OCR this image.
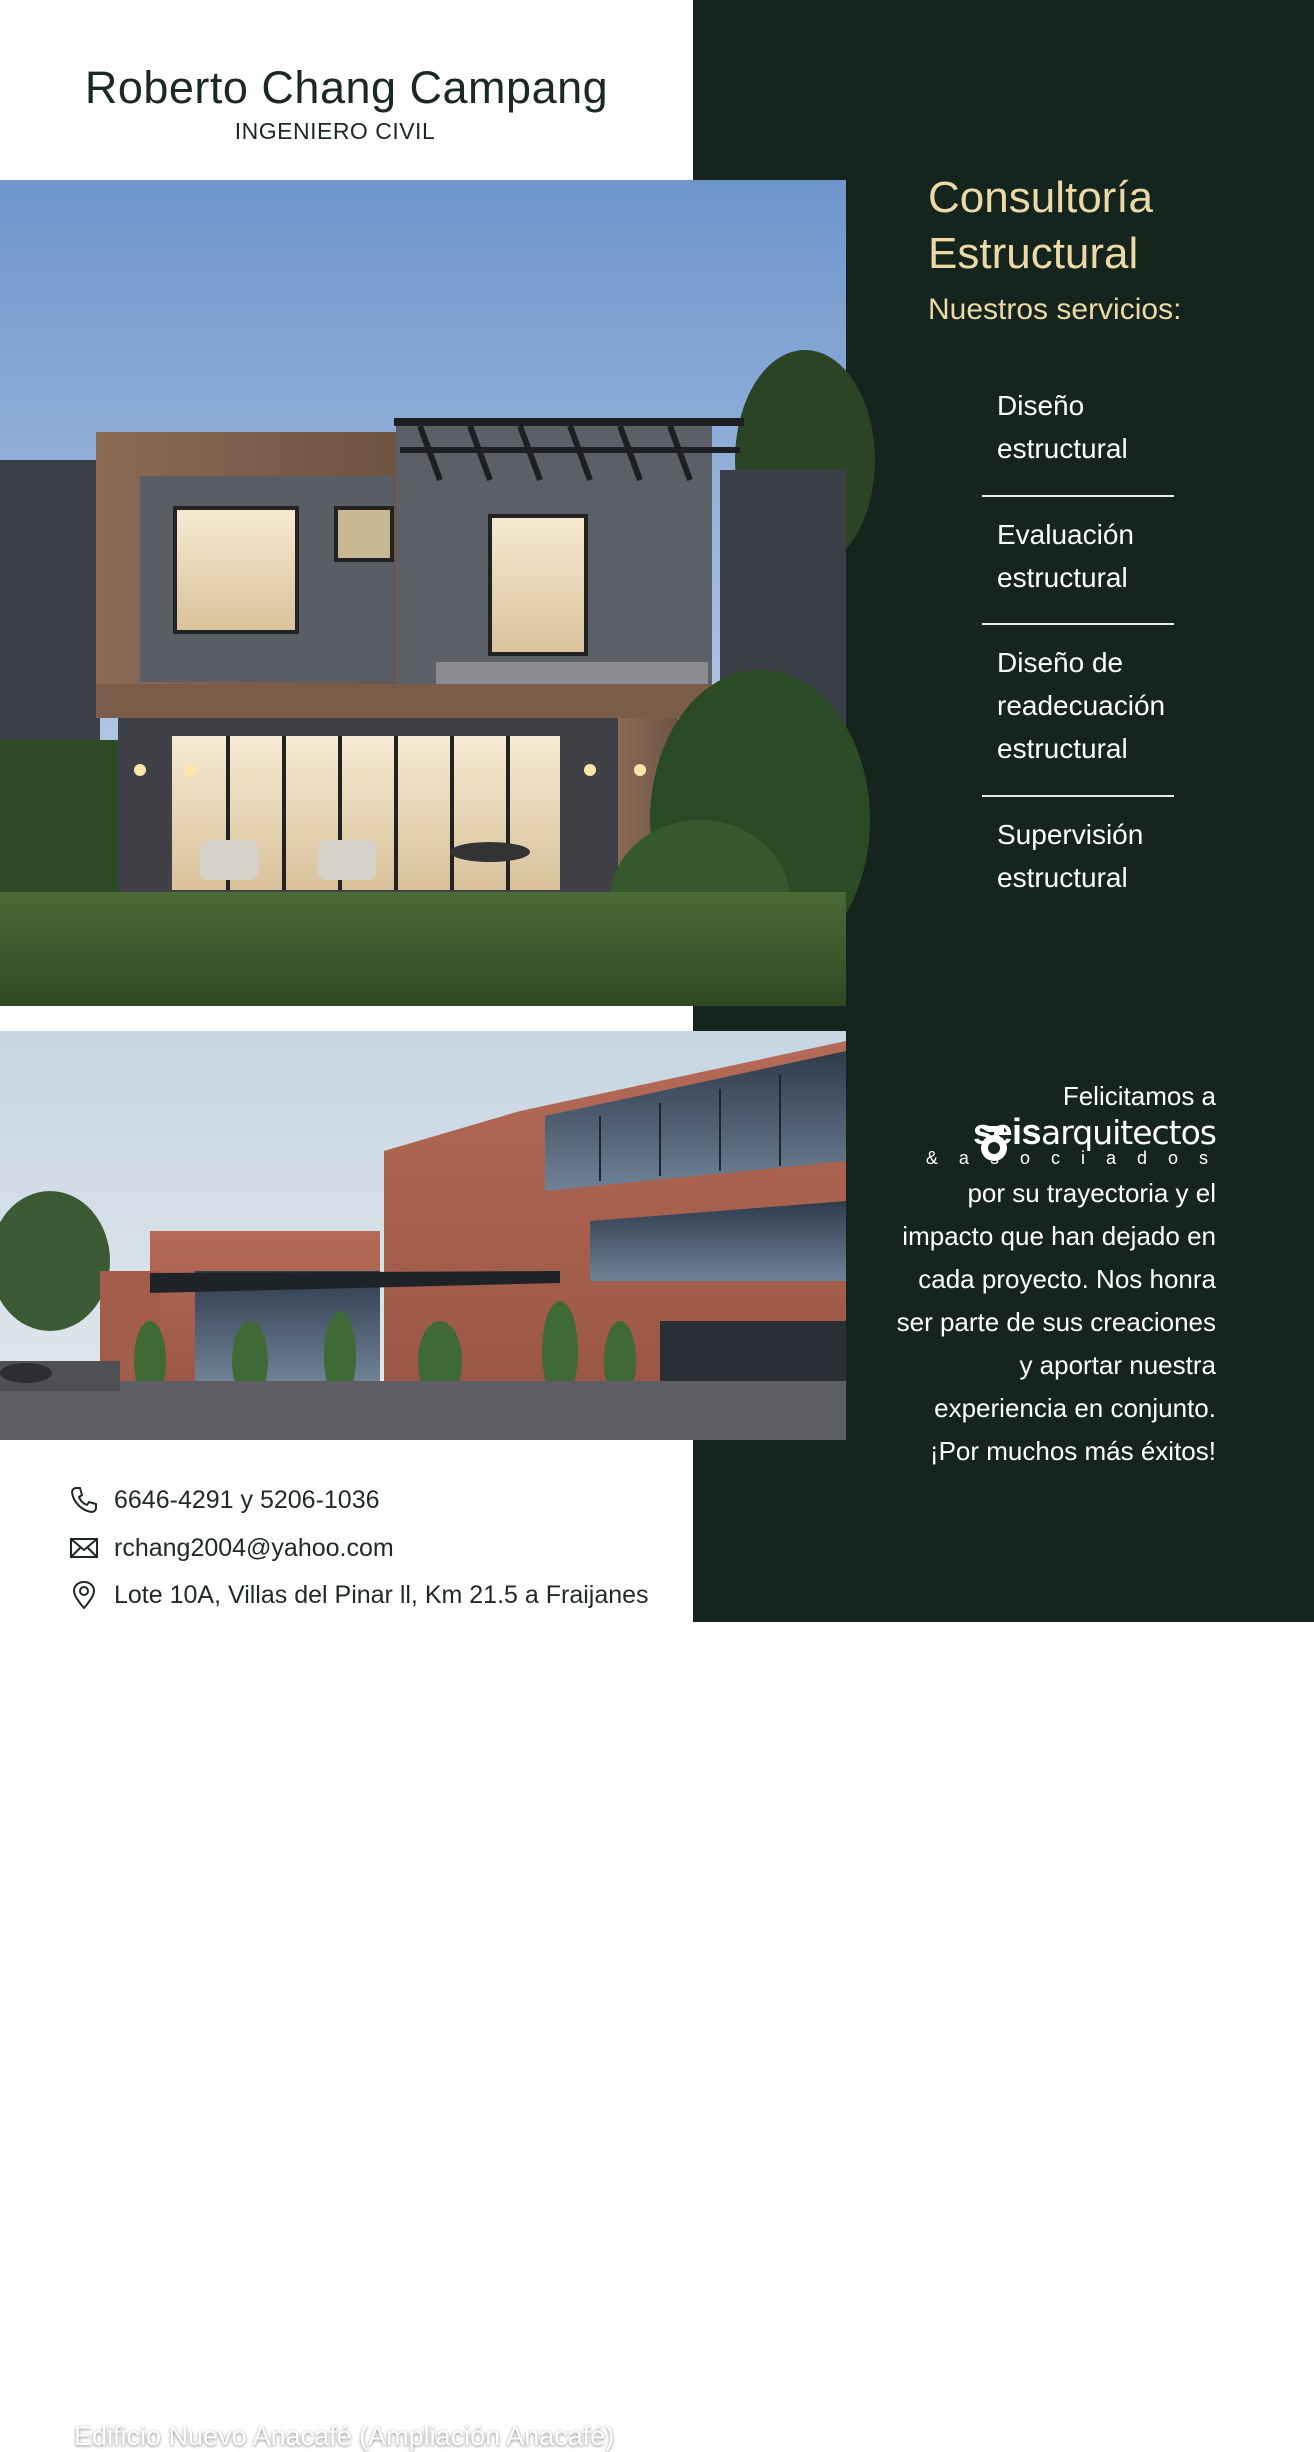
Roberto Chang Campang
INGENIERO CIVIL
Edificio Nuevo Anacafé (Ampliación Anacafé)
Consultoría
Estructural
Nuestros servicios:
Diseño
estructural
Evaluación
estructural
Diseño de
readecuación
estructural
Supervisión
estructural
Felicitamos a
seisarquitectos
& a s o c i a d o s
por su trayectoria y el impacto que han dejado en cada proyecto. Nos honra ser parte de sus creaciones y aportar nuestra experiencia en conjunto. ¡Por muchos más éxitos!
6646-4291 y 5206-1036
rchang2004@yahoo.com
Lote 10A, Villas del Pinar ll, Km 21.5 a Fraijanes
